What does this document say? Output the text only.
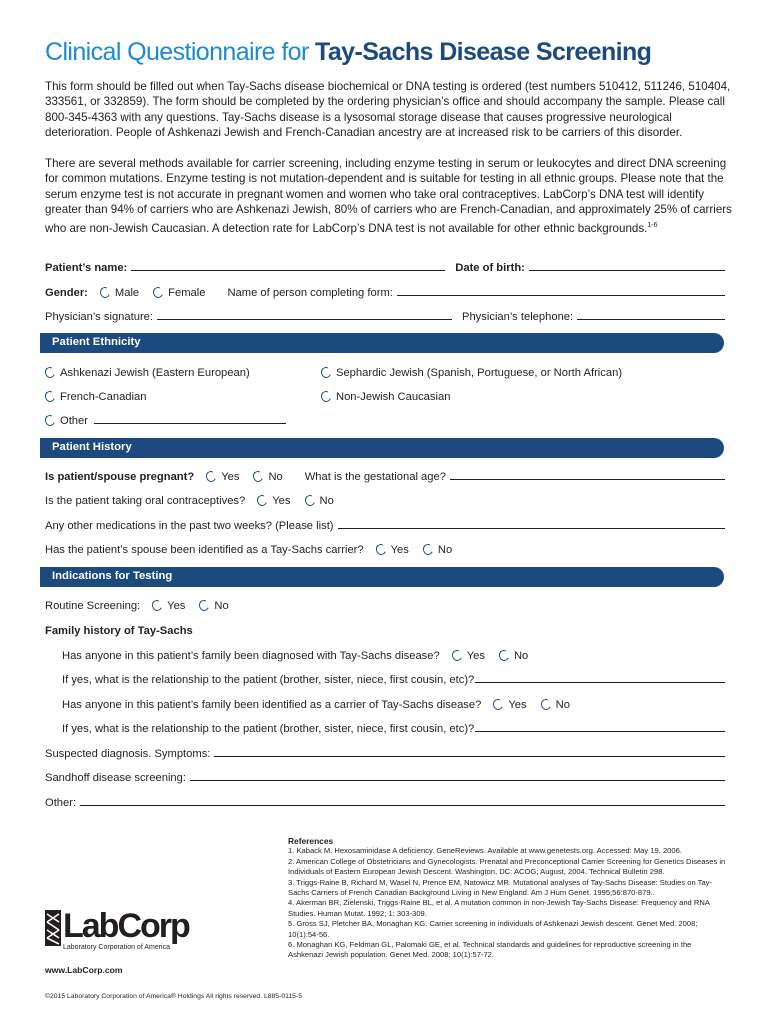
Clinical Questionnaire for Tay-Sachs Disease Screening
This form should be filled out when Tay-Sachs disease biochemical or DNA testing is ordered (test numbers 510412, 511246, 510404, 333561, or 332859). The form should be completed by the ordering physician’s office and should accompany the sample. Please call 800-345-4363 with any questions. Tay-Sachs disease is a lysosomal storage disease that causes progressive neurological deterioration. People of Ashkenazi Jewish and French-Canadian ancestry are at increased risk to be carriers of this disorder.
There are several methods available for carrier screening, including enzyme testing in serum or leukocytes and direct DNA screening for common mutations. Enzyme testing is not mutation-dependent and is suitable for testing in all ethnic groups. Please note that the serum enzyme test is not accurate in pregnant women and women who take oral contraceptives. LabCorp’s DNA test will identify greater than 94% of carriers who are Ashkenazi Jewish, 80% of carriers who are French-Canadian, and approximately 25% of carriers who are non-Jewish Caucasian. A detection rate for LabCorp’s DNA test is not available for other ethnic backgrounds.$^{1-6}$
Patient’s name:	Date of birth:
Gender: Male	Female Name of person completing form:
Physician’s signature:	Physician’s telephone:
Patient Ethnicity
Ashkenazi Jewish (Eastern European)	Sephardic Jewish (Spanish, Portuguese, or North African)
French-Canadian	Non-Jewish Caucasian
Other
Patient History
Is patient/spouse pregnant? Yes	No What is the gestational age?
Is the patient taking oral contraceptives? Yes	No
Any other medications in the past two weeks? (Please list)
Has the patient’s spouse been identified as a Tay-Sachs carrier? Yes	No
Indications for Testing
Routine Screening: Yes	No
Family history of Tay-Sachs
Has anyone in this patient’s family been diagnosed with Tay-Sachs disease? Yes	No
If yes, what is the relationship to the patient (brother, sister, niece, first cousin, etc)?
Has anyone in this patient’s family been identified as a carrier of Tay-Sachs disease? Yes	No
If yes, what is the relationship to the patient (brother, sister, niece, first cousin, etc)?
Suspected diagnosis. Symptoms:
Sandhoff disease screening:
Other:
References
1. Kaback M. Hexosaminidase A deficiency. GeneReviews. Available at www.genetests.org. Accessed: May 19, 2006.
2. American College of Obstetricians and Gynecologists. Prenatal and Preconceptional Carrier Screening for Genetics Diseases in Individuals of Eastern European Jewish Descent. Washington, DC: ACOG; August, 2004. Technical Bulletin 298.
3. Triggs-Raine B, Richard M, Wasel N, Prence EM, Natowicz MR. Mutational analyses of Tay-Sachs Disease: Studies on Tay-Sachs Carriers of French Canadian Background Living in New England. Am J Hum Genet. 1995;56:870-879..
4. Akerman BR, Zielenski, Triggs-Raine BL, et al. A mutation common in non-Jewish Tay-Sachs Disease: Frequency and RNA Studies. Human Mutat. 1992; 1: 303-309.
5. Gross SJ, Pletcher BA, Monaghan KG. Carrier screening in individuals of Ashkenazi Jewish descent. Genet Med. 2008; 10(1):54-56.
6. Monaghan KG, Feldman GL, Palomaki GE, et al. Technical standards and guidelines for reproductive screening in the Ashkenazi Jewish population. Genet Med. 2008; 10(1):57-72.
LabCorp
Laboratory Corporation of America
www.LabCorp.com
©2015 Laboratory Corporation of America® Holdings All rights reserved. L885-0115-5
